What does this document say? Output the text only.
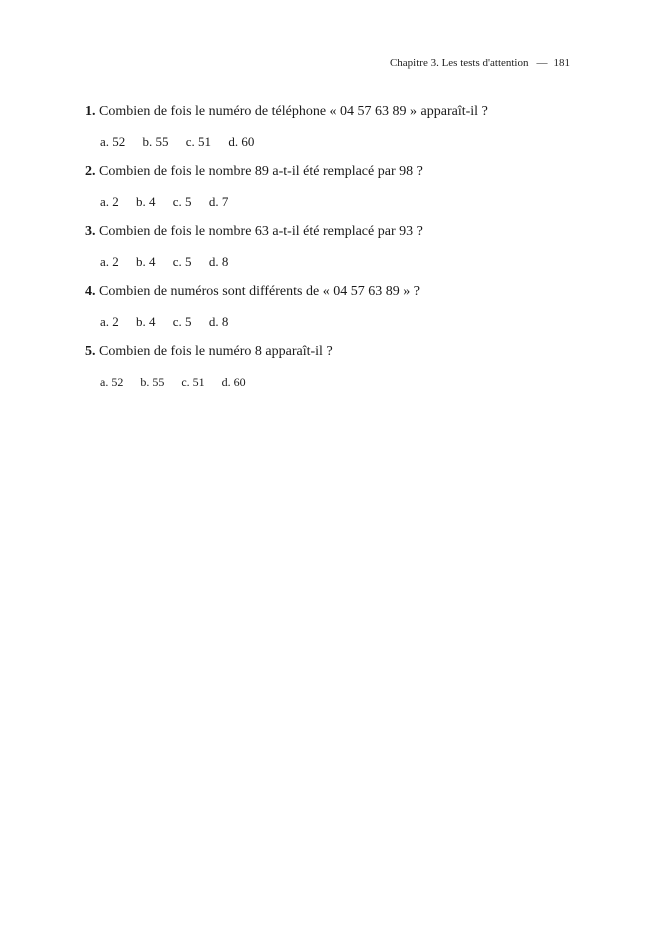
Chapitre 3. Les tests d'attention — 181
1. Combien de fois le numéro de téléphone « 04 57 63 89 » apparaît-il ?
a. 52 b. 55 c. 51 d. 60
2. Combien de fois le nombre 89 a-t-il été remplacé par 98 ?
a. 2 b. 4 c. 5 d. 7
3. Combien de fois le nombre 63 a-t-il été remplacé par 93 ?
a. 2 b. 4 c. 5 d. 8
4. Combien de numéros sont différents de « 04 57 63 89 » ?
a. 2 b. 4 c. 5 d. 8
5. Combien de fois le numéro 8 apparaît-il ?
a. 52 b. 55 c. 51 d. 60
